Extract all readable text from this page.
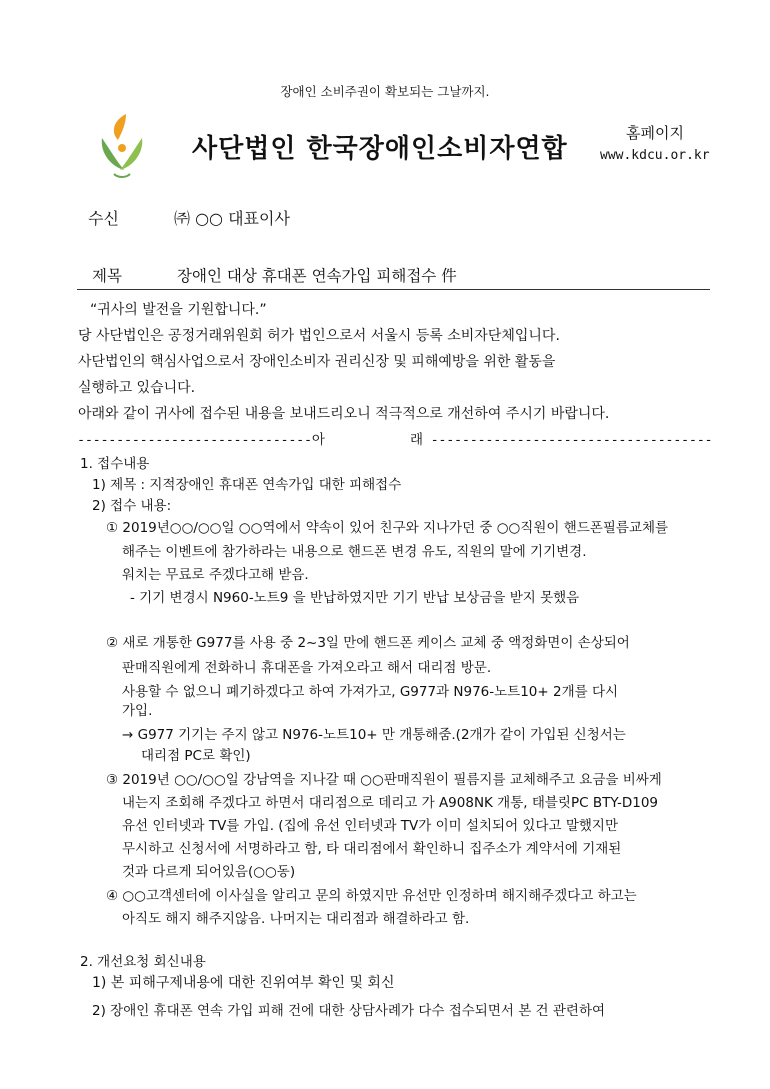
장애인 소비주권이 확보되는 그날까지.
사단법인 한국장애인소비자연합
홈페이지
www.kdcu.or.kr
수신	㈜ ○○ 대표이사
제목	장애인 대상 휴대폰 연속가입 피해접수 件
“귀사의 발전을 기원합니다.”
당 사단법인은 공정거래위원회 허가 법인으로서 서울시 등록 소비자단체입니다.
사단법인의 핵심사업으로서 장애인소비자 권리신장 및 피해예방을 위한 활동을
실행하고 있습니다.
아래와 같이 귀사에 접수된 내용을 보내드리오니 적극적으로 개선하여 주시기 바랍니다.
------------------------------아	래 ------------------------------------
1. 접수내용
1) 제목 : 지적장애인 휴대폰 연속가입 대한 피해접수
2) 접수 내용:
① 2019년○○/○○일 ○○역에서 약속이 있어 친구와 지나가던 중 ○○직원이 핸드폰필름교체를
해주는 이벤트에 참가하라는 내용으로 핸드폰 변경 유도, 직원의 말에 기기변경.
워치는 무료로 주겠다고해 받음.
- 기기 변경시 N960-노트9 을 반납하였지만 기기 반납 보상금을 받지 못했음
② 새로 개통한 G977를 사용 중 2~3일 만에 핸드폰 케이스 교체 중 액정화면이 손상되어
판매직원에게 전화하니 휴대폰을 가져오라고 해서 대리점 방문.
사용할 수 없으니 폐기하겠다고 하여 가져가고, G977과 N976-노트10+ 2개를 다시
가입.
→ G977 기기는 주지 않고 N976-노트10+ 만 개통해줌.(2개가 같이 가입된 신청서는
대리점 PC로 확인)
③ 2019년 ○○/○○일 강남역을 지나갈 때 ○○판매직원이 필름지를 교체해주고 요금을 비싸게
내는지 조회해 주겠다고 하면서 대리점으로 데리고 가 A908NK 개통, 태블릿PC BTY-D109
유선 인터넷과 TV를 가입. (집에 유선 인터넷과 TV가 이미 설치되어 있다고 말했지만
무시하고 신청서에 서명하라고 함, 타 대리점에서 확인하니 집주소가 계약서에 기재된
것과 다르게 되어있음(○○동)
④ ○○고객센터에 이사실을 알리고 문의 하였지만 유선만 인정하며 해지해주겠다고 하고는
아직도 해지 해주지않음. 나머지는 대리점과 해결하라고 함.
2. 개선요청 회신내용
1) 본 피해구제내용에 대한 진위여부 확인 및 회신
2) 장애인 휴대폰 연속 가입 피해 건에 대한 상담사례가 다수 접수되면서 본 건 관련하여
